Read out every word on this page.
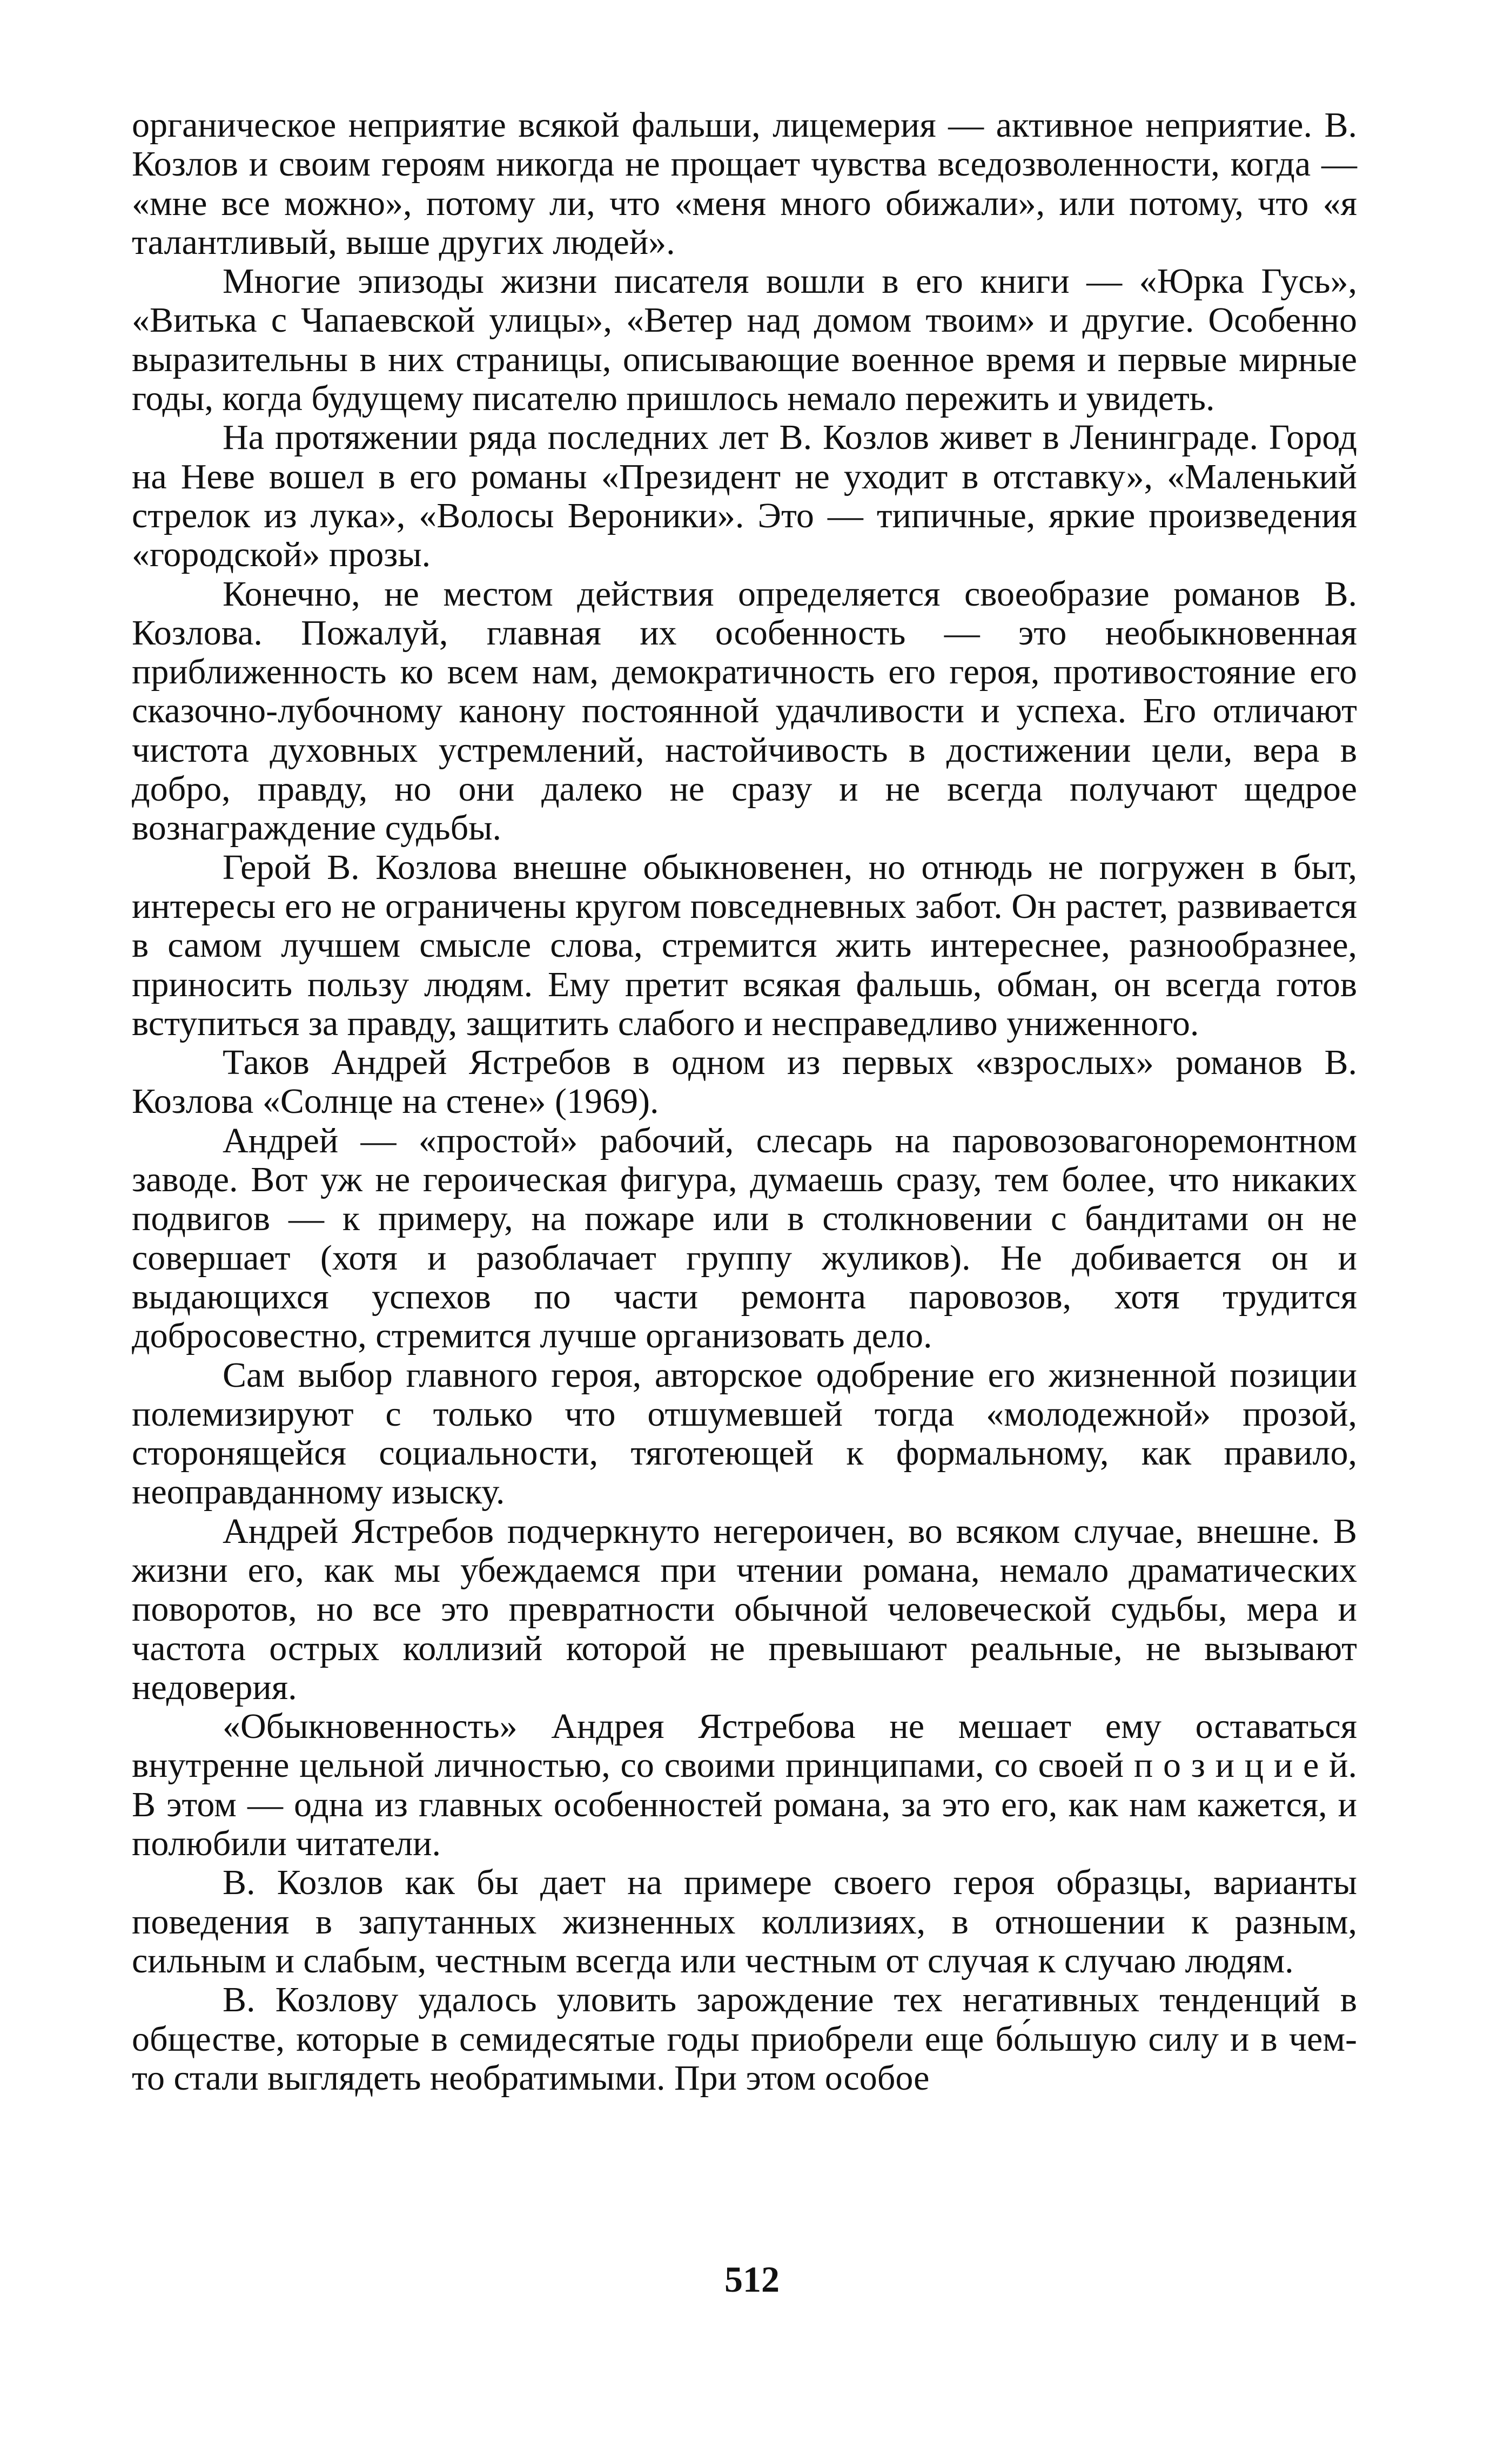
органическое неприятие всякой фальши, лицемерия — активное неприятие. В. Козлов и своим героям никогда не прощает чувства вседозволенности, когда — «мне все можно», потому ли, что «меня много обижали», или потому, что «я талантливый, выше других людей».

Многие эпизоды жизни писателя вошли в его книги — «Юрка Гусь», «Витька с Чапаевской улицы», «Ветер над домом твоим» и другие. Особенно выразительны в них страницы, описывающие военное время и первые мирные годы, когда будущему писателю пришлось немало пережить и увидеть.

На протяжении ряда последних лет В. Козлов живет в Ленинграде. Город на Неве вошел в его романы «Президент не уходит в отставку», «Маленький стрелок из лука», «Волосы Вероники». Это — типичные, яркие произведения «городской» прозы.

Конечно, не местом действия определяется своеобразие романов В. Козлова. Пожалуй, главная их особенность — это необыкновенная приближенность ко всем нам, демократичность его героя, противостояние его сказочно-лубочному канону постоянной удачливости и успеха. Его отличают чистота духовных устремлений, настойчивость в достижении цели, вера в добро, правду, но они далеко не сразу и не всегда получают щедрое вознаграждение судьбы.

Герой В. Козлова внешне обыкновенен, но отнюдь не погружен в быт, интересы его не ограничены кругом повседневных забот. Он растет, развивается в самом лучшем смысле слова, стремится жить интереснее, разнообразнее, приносить пользу людям. Ему претит всякая фальшь, обман, он всегда готов вступиться за правду, защитить слабого и несправедливо униженного.

Таков Андрей Ястребов в одном из первых «взрослых» романов В. Козлова «Солнце на стене» (1969).

Андрей — «простой» рабочий, слесарь на паровозовагоноремонтном заводе. Вот уж не героическая фигура, думаешь сразу, тем более, что никаких подвигов — к примеру, на пожаре или в столкновении с бандитами он не совершает (хотя и разоблачает группу жуликов). Не добивается он и выдающихся успехов по части ремонта паровозов, хотя трудится добросовестно, стремится лучше организовать дело.

Сам выбор главного героя, авторское одобрение его жизненной позиции полемизируют с только что отшумевшей тогда «молодежной» прозой, сторонящейся социальности, тяготеющей к формальному, как правило, неоправданному изыску.

Андрей Ястребов подчеркнуто негероичен, во всяком случае, внешне. В жизни его, как мы убеждаемся при чтении романа, немало драматических поворотов, но все это превратности обычной человеческой судьбы, мера и частота острых коллизий которой не превышают реальные, не вызывают недоверия.

«Обыкновенность» Андрея Ястребова не мешает ему оставаться внутренне цельной личностью, со своими принципами, со своей п о з и ц и е й. В этом — одна из главных особенностей романа, за это его, как нам кажется, и полюбили читатели.

В. Козлов как бы дает на примере своего героя образцы, варианты поведения в запутанных жизненных коллизиях, в отношении к разным, сильным и слабым, честным всегда или честным от случая к случаю людям.

В. Козлову удалось уловить зарождение тех негативных тенденций в обществе, которые в семидесятые годы приобрели еще бо́льшую силу и в чем-то стали выглядеть необратимыми. При этом особое

512
